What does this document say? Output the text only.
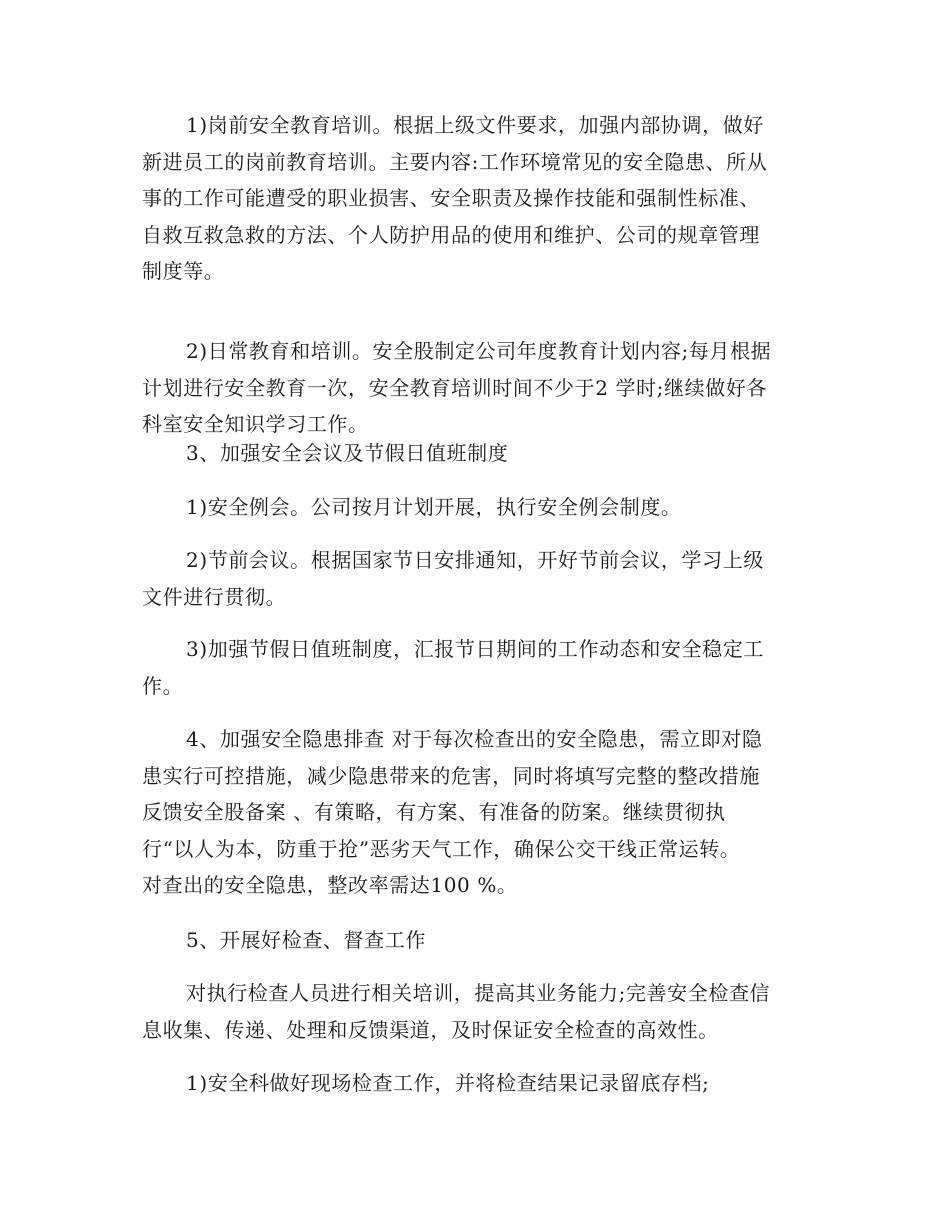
1)岗前安全教育培训。根据上级文件要求，加强内部协调，做好
新进员工的岗前教育培训。主要内容:工作环境常见的安全隐患、所从
事的工作可能遭受的职业损害、安全职责及操作技能和强制性标准、
自救互救急救的方法、个人防护用品的使用和维护、公司的规章管理
制度等。
2)日常教育和培训。安全股制定公司年度教育计划内容;每月根据
计划进行安全教育一次，安全教育培训时间不少于2 学时;继续做好各
科室安全知识学习工作。
3、加强安全会议及节假日值班制度
1)安全例会。公司按月计划开展，执行安全例会制度。
2)节前会议。根据国家节日安排通知，开好节前会议，学习上级
文件进行贯彻。
3)加强节假日值班制度，汇报节日期间的工作动态和安全稳定工
作。
4、加强安全隐患排查 对于每次检查出的安全隐患，需立即对隐
患实行可控措施，减少隐患带来的危害，同时将填写完整的整改措施
反馈安全股备案 、有策略，有方案、有准备的防案。继续贯彻执
行“以人为本，防重于抢”恶劣天气工作，确保公交干线正常运转。
对查出的安全隐患，整改率需达100 %。
5、开展好检查、督查工作
对执行检查人员进行相关培训，提高其业务能力;完善安全检查信
息收集、传递、处理和反馈渠道，及时保证安全检查的高效性。
1)安全科做好现场检查工作，并将检查结果记录留底存档;
